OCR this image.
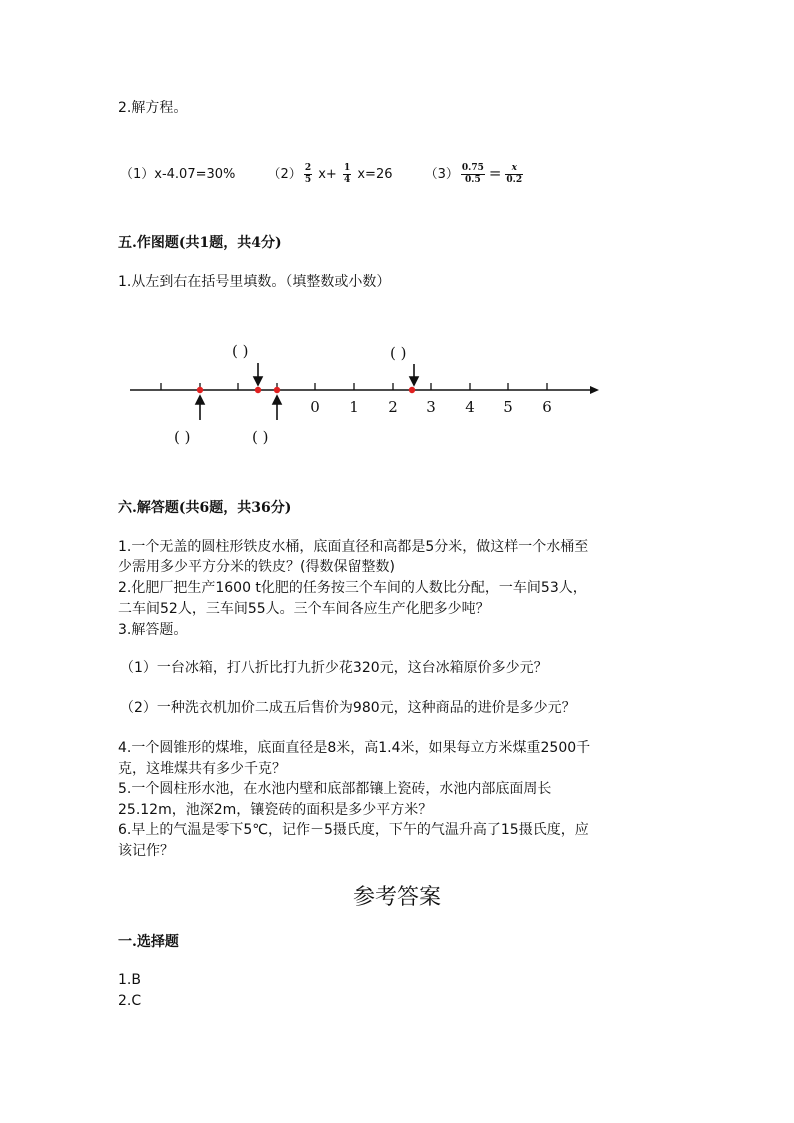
2.解方程。
（1）x-4.07=30% $(2) \frac{2}{5} x+ \frac{1}{4} x=26$ $(3) \frac{0.75}{0.5} = \frac{x}{0.2}$
五.作图题(共1题，共4分)
1.从左到右在括号里填数。（填整数或小数）
( )	( )
( )	( )
0 1 2 3 4 5 6
六.解答题(共6题，共36分)
1.一个无盖的圆柱形铁皮水桶，底面直径和高都是5分米，做这样一个水桶至
少需用多少平方分米的铁皮？(得数保留整数)
2.化肥厂把生产1600 t化肥的任务按三个车间的人数比分配，一车间53人，
二车间52人，三车间55人。三个车间各应生产化肥多少吨？
3.解答题。
（1）一台冰箱，打八折比打九折少花320元，这台冰箱原价多少元？
（2）一种洗衣机加价二成五后售价为980元，这种商品的进价是多少元？
4.一个圆锥形的煤堆，底面直径是8米，高1.4米，如果每立方米煤重2500千
克，这堆煤共有多少千克？
5.一个圆柱形水池，在水池内壁和底部都镶上瓷砖，水池内部底面周长
25.12m，池深2m，镶瓷砖的面积是多少平方米？
6.早上的气温是零下5℃，记作－5摄氏度，下午的气温升高了15摄氏度，应
该记作？
参考答案
一.选择题
1.B
2.C
